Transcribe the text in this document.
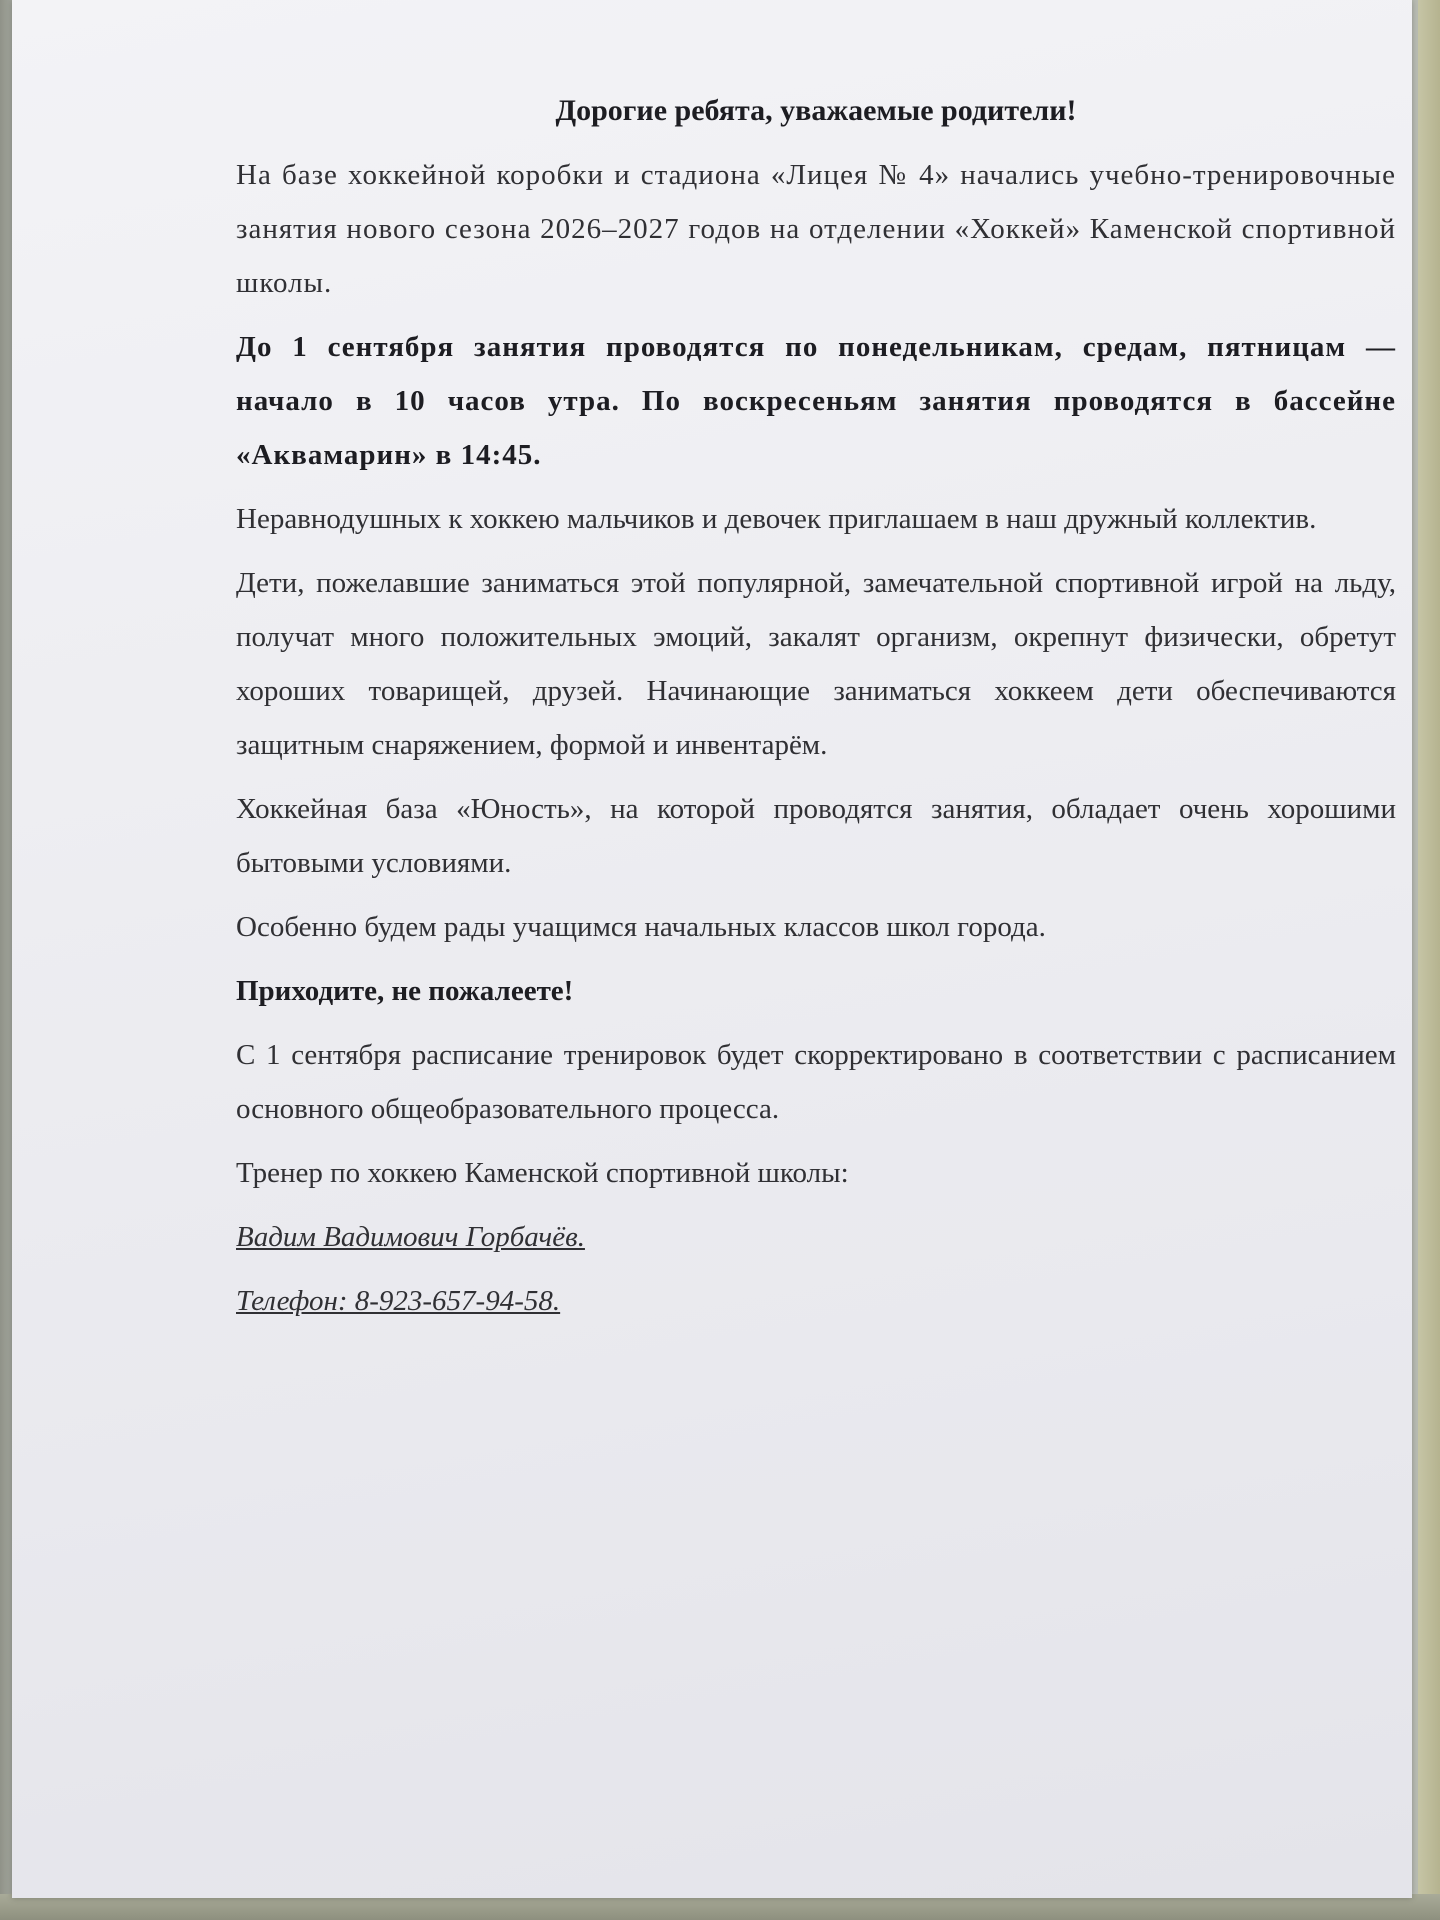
Дорогие ребята, уважаемые родители!

На базе хоккейной коробки и стадиона «Лицея № 4» начались учебно-тренировочные занятия нового сезона 2026–2027 годов на отделении «Хоккей» Каменской спортивной школы.

До 1 сентября занятия проводятся по понедельникам, средам, пятницам — начало в 10 часов утра. По воскресеньям занятия проводятся в бассейне «Аквамарин» в 14:45.

Неравнодушных к хоккею мальчиков и девочек приглашаем в наш дружный коллектив.

Дети, пожелавшие заниматься этой популярной, замечательной спортивной игрой на льду, получат много положительных эмоций, закалят организм, окрепнут физически, обретут хороших товарищей, друзей. Начинающие заниматься хоккеем дети обеспечиваются защитным снаряжением, формой и инвентарём.

Хоккейная база «Юность», на которой проводятся занятия, обладает очень хорошими бытовыми условиями.

Особенно будем рады учащимся начальных классов школ города.

Приходите, не пожалеете!

С 1 сентября расписание тренировок будет скорректировано в соответствии с расписанием основного общеобразовательного процесса.

Тренер по хоккею Каменской спортивной школы:

Вадим Вадимович Горбачёв.

Телефон: 8-923-657-94-58.
